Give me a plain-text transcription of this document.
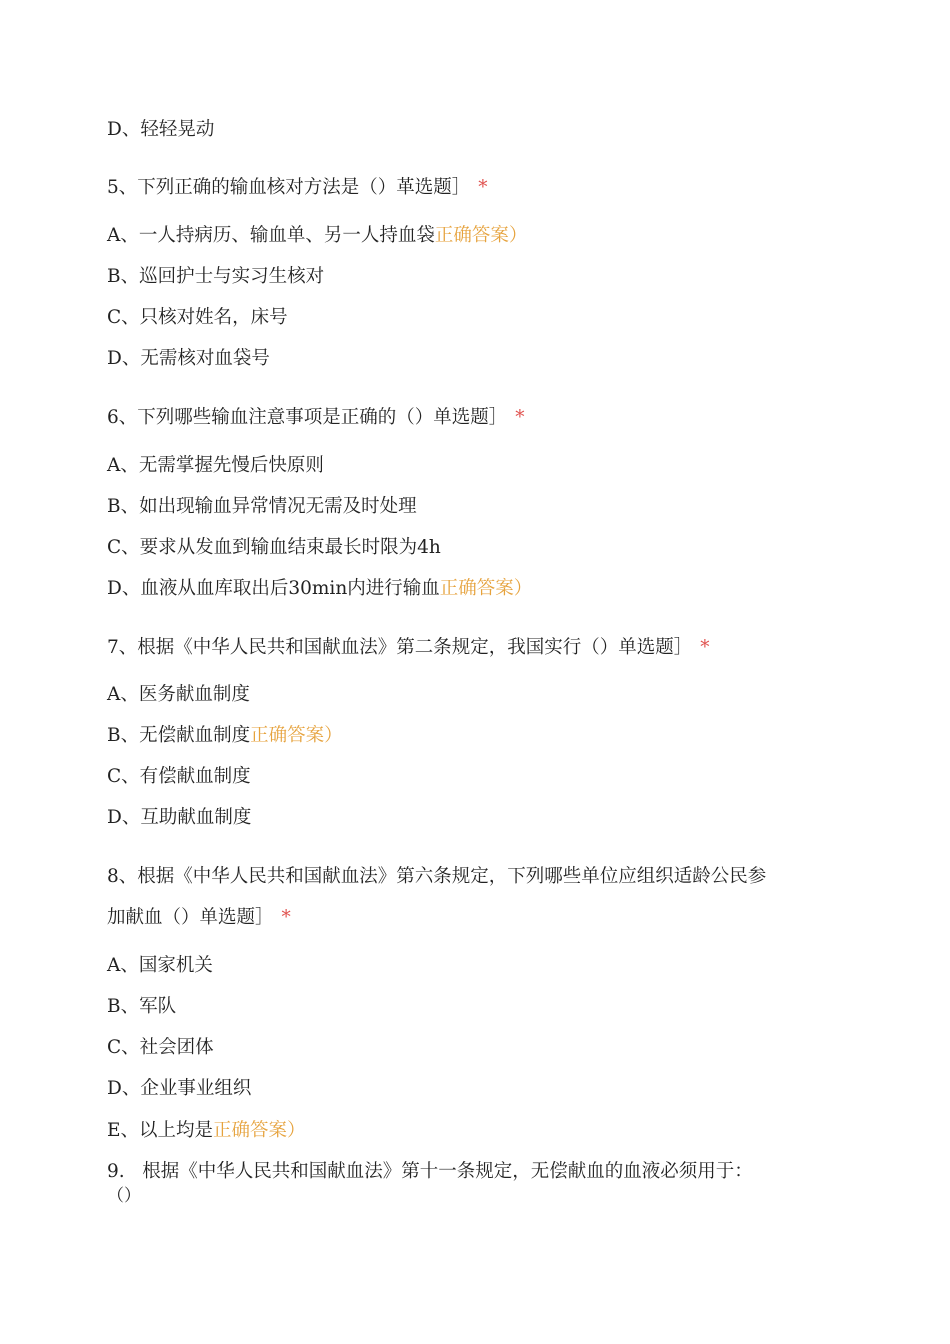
D、轻轻晃动
5、下列正确的输血核对方法是（）革选题］ *
A、一人持病历、输血单、另一人持血袋正确答案）
B、巡回护士与实习生核对
C、只核对姓名，床号
D、无需核对血袋号
6、下列哪些输血注意事项是正确的（）单选题］ *
A、无需掌握先慢后快原则
B、如出现输血异常情况无需及时处理
C、要求从发血到输血结束最长时限为4h
D、血液从血库取出后30min内进行输血正确答案）
7、根据《中华人民共和国献血法》第二条规定，我国实行（）单选题］ *
A、医务献血制度
B、无偿献血制度正确答案）
C、有偿献血制度
D、互助献血制度
8、根据《中华人民共和国献血法》第六条规定，下列哪些单位应组织适龄公民参
加献血（）单选题］ *
A、国家机关
B、军队
C、社会团体
D、企业事业组织
E、以上均是正确答案）
9.   根据《中华人民共和国献血法》第十一条规定，无偿献血的血液必须用于：
（）
